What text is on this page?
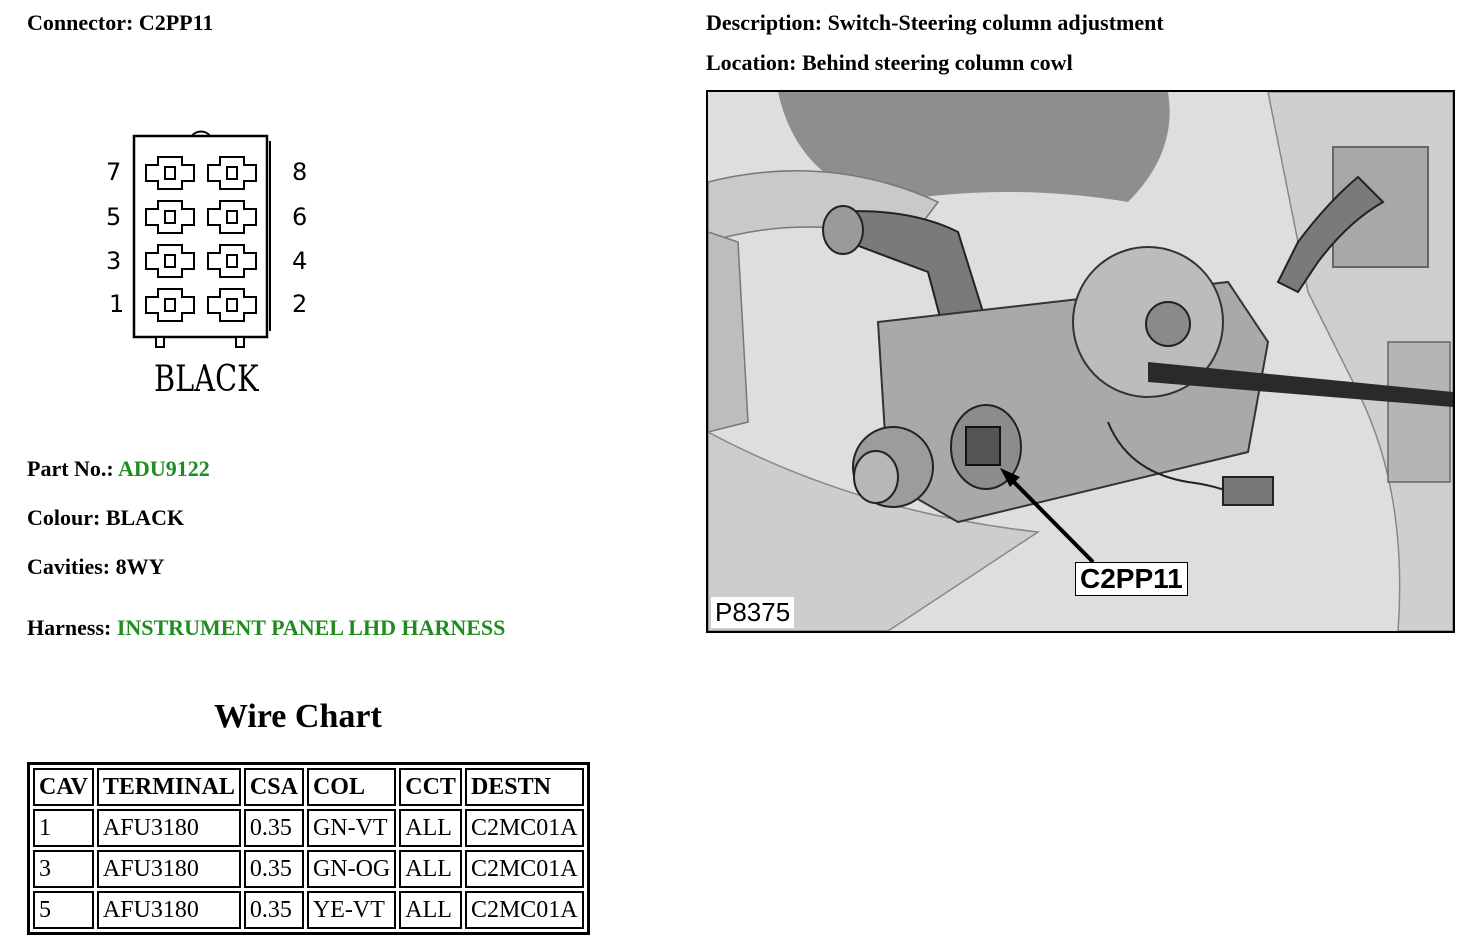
Connector: C2PP11	Description: Switch-Steering column adjustment
Location: Behind steering column cowl
7
5
3
1
8
6
4
2
BLACK
Part No.: ADU9122
Colour: BLACK
Cavities: 8WY
Harness: INSTRUMENT PANEL LHD HARNESS
Wire Chart
CAV	TERMINAL	CSA	COL	CCT	DESTN
1	AFU3180	0.35	GN-VT	ALL	C2MC01A
3	AFU3180	0.35	GN-OG	ALL	C2MC01A
5	AFU3180	0.35	YE-VT	ALL	C2MC01A
C2PP11
P8375
